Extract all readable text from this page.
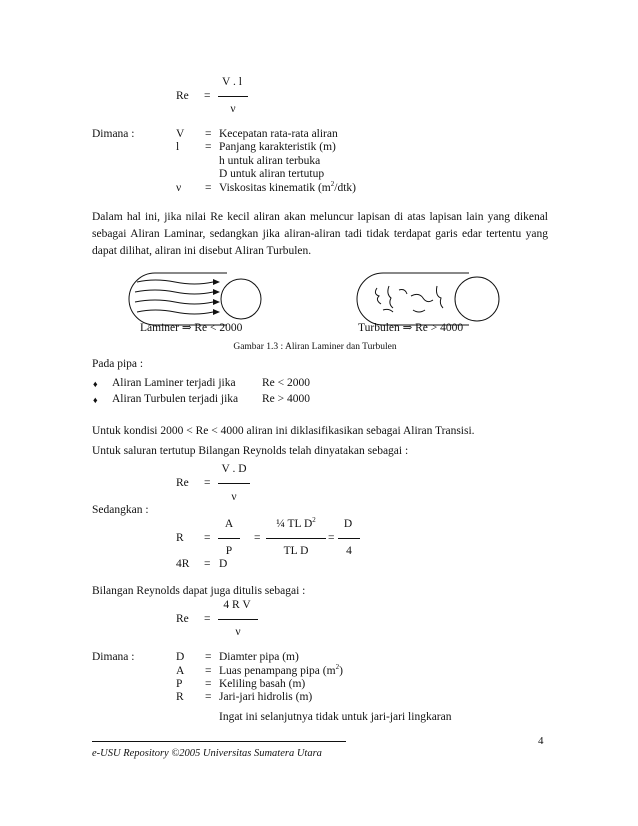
V . l
Re =
ν
Dimana :	V = Kecepatan rata-rata aliran
l = Panjang karakteristik (m)
h untuk aliran terbuka
D untuk aliran tertutup
ν = Viskositas kinematik $(m^2/dtk)$
Dalam hal ini, jika nilai Re kecil aliran akan meluncur lapisan di atas lapisan lain yang dikenal sebagai Aliran Laminar, sedangkan jika aliran-aliran tadi tidak terdapat garis edar tertentu yang dapat dilihat, aliran ini disebut Aliran Turbulen.
Laminer ⇒ Re < 2000	Turbulen ⇒ Re > 4000
Gambar 1.3 : Aliran Laminer dan Turbulen
Pada pipa :
♦ Aliran Laminer terjadi jika Re < 2000
♦ Aliran Turbulen terjadi jika Re > 4000
Untuk kondisi 2000 < Re < 4000 aliran ini diklasifikasikan sebagai Aliran Transisi.
Untuk saluran tertutup Bilangan Reynolds telah dinyatakan sebagai :
V . D
Re =
ν
Sedangkan :
A	¼ TL $D^2$	D
R =	=	=
P	TL D	4
4R = D
Bilangan Reynolds dapat juga ditulis sebagai :
4 R V
Re =
ν
Dimana :	D = Diamter pipa (m)
A = Luas penampang pipa $(m^2)$
P = Keliling basah (m)
R = Jari-jari hidrolis (m)
Ingat ini selanjutnya tidak untuk jari-jari lingkaran
4
e-USU Repository ©2005 Universitas Sumatera Utara
